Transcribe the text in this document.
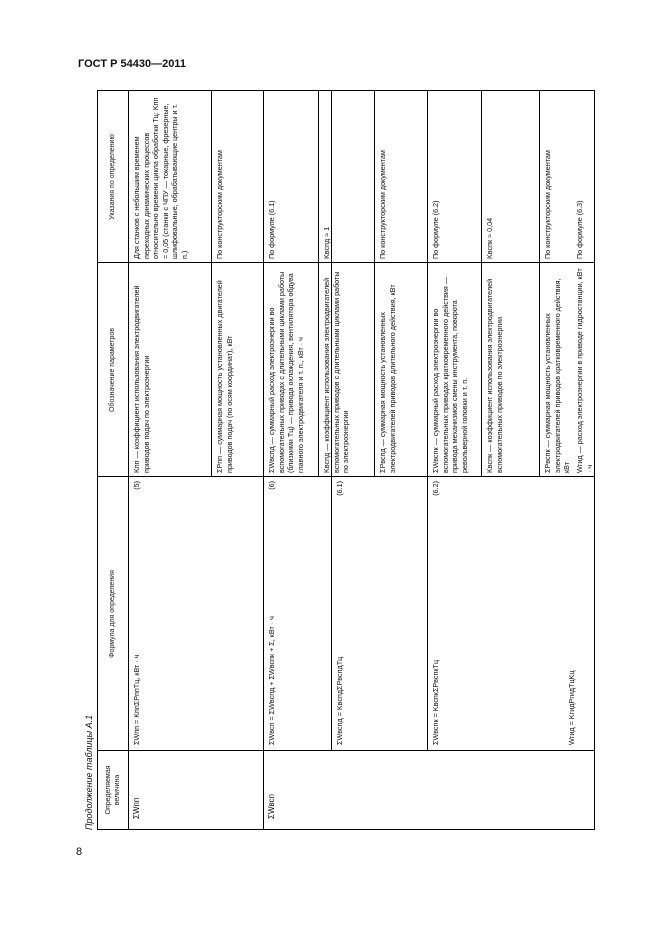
ГОСТ Р 54430—2011
8
Продолжение таблицы А.1	Определяемая величина
Формула для определения
Обозначение параметров
Указания по определению
ΣWпп
ΣWпп = KппΣPппTц, кВт · ч
(5)
Kпп — коэффициент использования электродвигателей приводов подач по электроэнергии
Для станков с небольшим временем переходных динамических процессов относительно времени цикла обработки Tц: Kпп = 0,05 (станки с ЧПУ — токарные, фрезерные, шлифовальные, обрабатывающие центры и т. п.)
ΣPпп — суммарная мощность установленных двигателей приводов подач (по осям координат), кВт
По конструкторским документам
ΣWвсп
ΣWвсп = ΣWвспд + ΣWвспк + Σ, кВт · ч
(6)
ΣWвспд — суммарный расход электроэнергии во вспомогательных приводах с длительными циклами работы (близкими Tц) — привода охлаждения, вентилятора обдува главного электродвигателя и т. п., кВт · ч
По формуле (6.1)
ΣWвспд = KвспдΣPвспдTц
(6.1)
Kвспд — коэффициент использования электродвигателей вспомогательных приводов с длительными циклами работы по электроэнергии
Kвспд ≈ 1
ΣPвспд — суммарная мощность установленных электродвигателей приводов длительного действия, кВт
По конструкторским документам
ΣWвспк = KвспкΣPвспкTц
(6.2)
ΣWвспк — суммарный расход электроэнергии во вспомогательных приводах кратковременного действия — привода механизмов смены инструмента, поворота револьверной головки и т. п.
По формуле (6.2)
Kвспк — коэффициент использования электродвигателей вспомогательных приводов по электроэнергии
Kвспк ≈ 0,04
ΣPвспк — суммарная мощность установленных электродвигателей приводов кратковременного действия, кВт
По конструкторским документам
Wгид = KгидPгидTцKц
Wгид — расход электроэнергии в приводе гидростанции, кВт · ч
По формуле (6.3)
